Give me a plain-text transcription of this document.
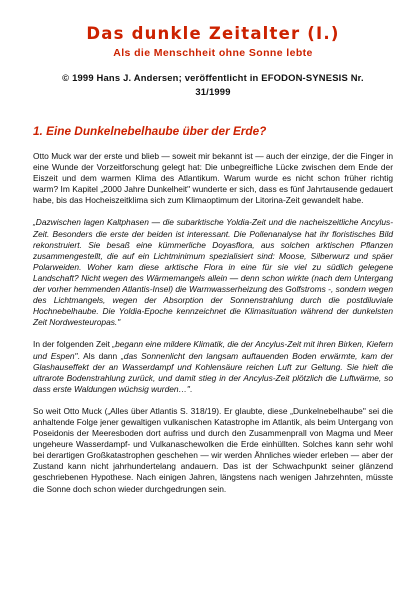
Das dunkle Zeitalter (I.)

Als die Menschheit ohne Sonne lebte

© 1999 Hans J. Andersen; veröffentlicht in EFODON-SYNESIS Nr.
31/1999

1. Eine Dunkelnebelhaube über der Erde?

Otto Muck war der erste und blieb — soweit mir bekannt ist — auch der einzige, der die Finger in eine Wunde der Vorzeitforschung gelegt hat: Die unbegreifliche Lücke zwischen dem Ende der Eiszeit und dem warmen Klima des Atlantikum. Warum wurde es nicht schon früher richtig warm? Im Kapitel „2000 Jahre Dunkelheit" wunderte er sich, dass es fünf Jahrtausende gedauert habe, bis das Hocheiszeitklima sich zum Klimaoptimum der Litorina-Zeit gewandelt habe.

„Dazwischen lagen Kaltphasen — die subarktische Yoldia-Zeit und die nacheiszeitliche Ancylus-Zeit. Besonders die erste der beiden ist interessant. Die Pollenanalyse hat ihr floristisches Bild rekonstruiert. Sie besaß eine kümmerliche Doyasflora, aus solchen arktischen Pflanzen zusammengestellt, die auf ein Lichtminimum spezialisiert sind: Moose, Silberwurz und späer Polarweiden. Woher kam diese arktische Flora in eine für sie viel zu südlich gelegene Landschaft? Nicht wegen des Wärmemangels allein — denn schon wirkte (nach dem Untergang der vorher hemmenden Atlantis-Insel) die Warmwasserheizung des Golfstroms -, sondern wegen des Lichtmangels, wegen der Absorption der Sonnenstrahlung durch die postdiluviale Hochnebelhaube. Die Yoldia-Epoche kennzeichnet die Klimasituation während der dunkelsten Zeit Nordwesteuropas."

In der folgenden Zeit „begann eine mildere Klimatik, die der Ancylus-Zeit mit ihren Birken, Kiefern und Espen". Als dann „das Sonnenlicht den langsam auftauenden Boden erwärmte, kam der Glashauseffekt der an Wasserdampf und Kohlensäure reichen Luft zur Geltung. Sie hielt die ultrarote Bodenstrahlung zurück, und damit stieg in der Ancylus-Zeit plötzlich die Luftwärme, so dass erste Waldungen wüchsig wurden…".

So weit Otto Muck („Alles über Atlantis S. 318/19). Er glaubte, diese „Dunkelnebelhaube" sei die anhaltende Folge jener gewaltigen vulkanischen Katastrophe im Atlantik, als beim Untergang von Poseidonis der Meeresboden dort aufriss und durch den Zusammenprall von Magma und Meer ungeheure Wasserdampf- und Vulkanaschewolken die Erde einhüllten. Solches kann sehr wohl bei derartigen Großkatastrophen geschehen — wir werden Ähnliches wieder erleben — aber der Zustand kann nicht jahrhundertelang andauern. Das ist der Schwachpunkt seiner glänzend geschriebenen Hypothese. Nach einigen Jahren, längstens nach wenigen Jahrzehnten, müsste die Sonne doch schon wieder durchgedrungen sein.
